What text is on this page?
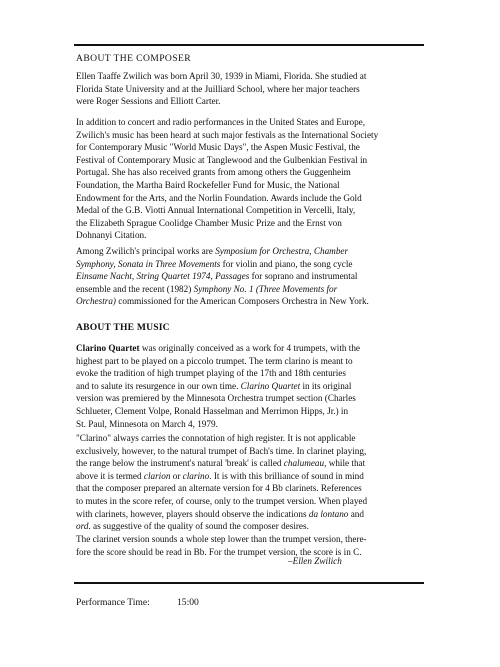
ABOUT THE COMPOSER

Ellen Taaffe Zwilich was born April 30, 1939 in Miami, Florida. She studied at
Florida State University and at the Juilliard School, where her major teachers
were Roger Sessions and Elliott Carter.

In addition to concert and radio performances in the United States and Europe,
Zwilich's music has been heard at such major festivals as the International Society
for Contemporary Music "World Music Days", the Aspen Music Festival, the
Festival of Contemporary Music at Tanglewood and the Gulbenkian Festival in
Portugal. She has also received grants from among others the Guggenheim
Foundation, the Martha Baird Rockefeller Fund for Music, the National
Endowment for the Arts, and the Norlin Foundation. Awards include the Gold
Medal of the G.B. Viotti Annual International Competition in Vercelli, Italy,
the Elizabeth Sprague Coolidge Chamber Music Prize and the Ernst von
Dohnanyi Citation.

Among Zwilich's principal works are Symposium for Orchestra, Chamber
Symphony, Sonata in Three Movements for violin and piano, the song cycle
Einsame Nacht, String Quartet 1974, Passages for soprano and instrumental
ensemble and the recent (1982) Symphony No. 1 (Three Movements for
Orchestra) commissioned for the American Composers Orchestra in New York.

ABOUT THE MUSIC

Clarino Quartet was originally conceived as a work for 4 trumpets, with the
highest part to be played on a piccolo trumpet. The term clarino is meant to
evoke the tradition of high trumpet playing of the 17th and 18th centuries
and to salute its resurgence in our own time. Clarino Quartet in its original
version was premiered by the Minnesota Orchestra trumpet section (Charles
Schlueter, Clement Volpe, Ronald Hasselman and Merrimon Hipps, Jr.) in
St. Paul, Minnesota on March 4, 1979.

"Clarino" always carries the connotation of high register. It is not applicable
exclusively, however, to the natural trumpet of Bach's time. In clarinet playing,
the range below the instrument's natural 'break' is called chalumeau, while that
above it is termed clarion or clarino. It is with this brilliance of sound in mind
that the composer prepared an alternate version for 4 Bb clarinets. References
to mutes in the score refer, of course, only to the trumpet version. When played
with clarinets, however, players should observe the indications da lontano and
ord. as suggestive of the quality of sound the composer desires.

The clarinet version sounds a whole step lower than the trumpet version, there-
fore the score should be read in Bb. For the trumpet version, the score is in C.

–Ellen Zwilich
Performance Time:	15:00
